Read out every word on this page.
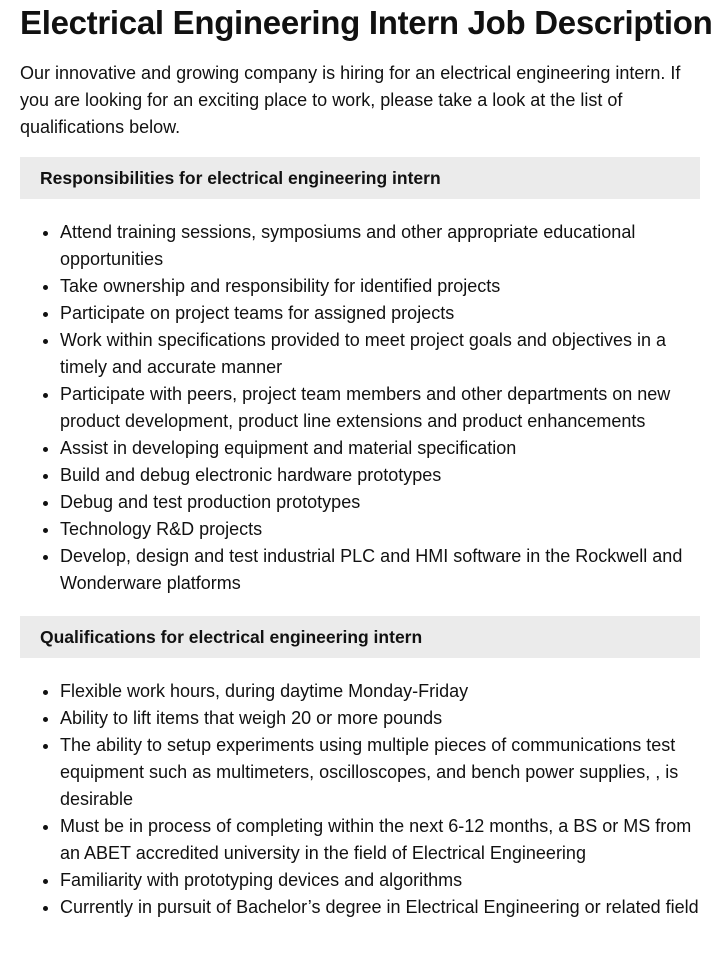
Electrical Engineering Intern Job Description

Our innovative and growing company is hiring for an electrical engineering intern. If you are looking for an exciting place to work, please take a look at the list of qualifications below.

Responsibilities for electrical engineering intern
• Attend training sessions, symposiums and other appropriate educational opportunities
• Take ownership and responsibility for identified projects
• Participate on project teams for assigned projects
• Work within specifications provided to meet project goals and objectives in a timely and accurate manner
• Participate with peers, project team members and other departments on new product development, product line extensions and product enhancements
• Assist in developing equipment and material specification
• Build and debug electronic hardware prototypes
• Debug and test production prototypes
• Technology R&D projects
• Develop, design and test industrial PLC and HMI software in the Rockwell and Wonderware platforms
Qualifications for electrical engineering intern
• Flexible work hours, during daytime Monday-Friday
• Ability to lift items that weigh 20 or more pounds
• The ability to setup experiments using multiple pieces of communications test equipment such as multimeters, oscilloscopes, and bench power supplies, , is desirable
• Must be in process of completing within the next 6-12 months, a BS or MS from an ABET accredited university in the field of Electrical Engineering
• Familiarity with prototyping devices and algorithms
• Currently in pursuit of Bachelor’s degree in Electrical Engineering or related field
